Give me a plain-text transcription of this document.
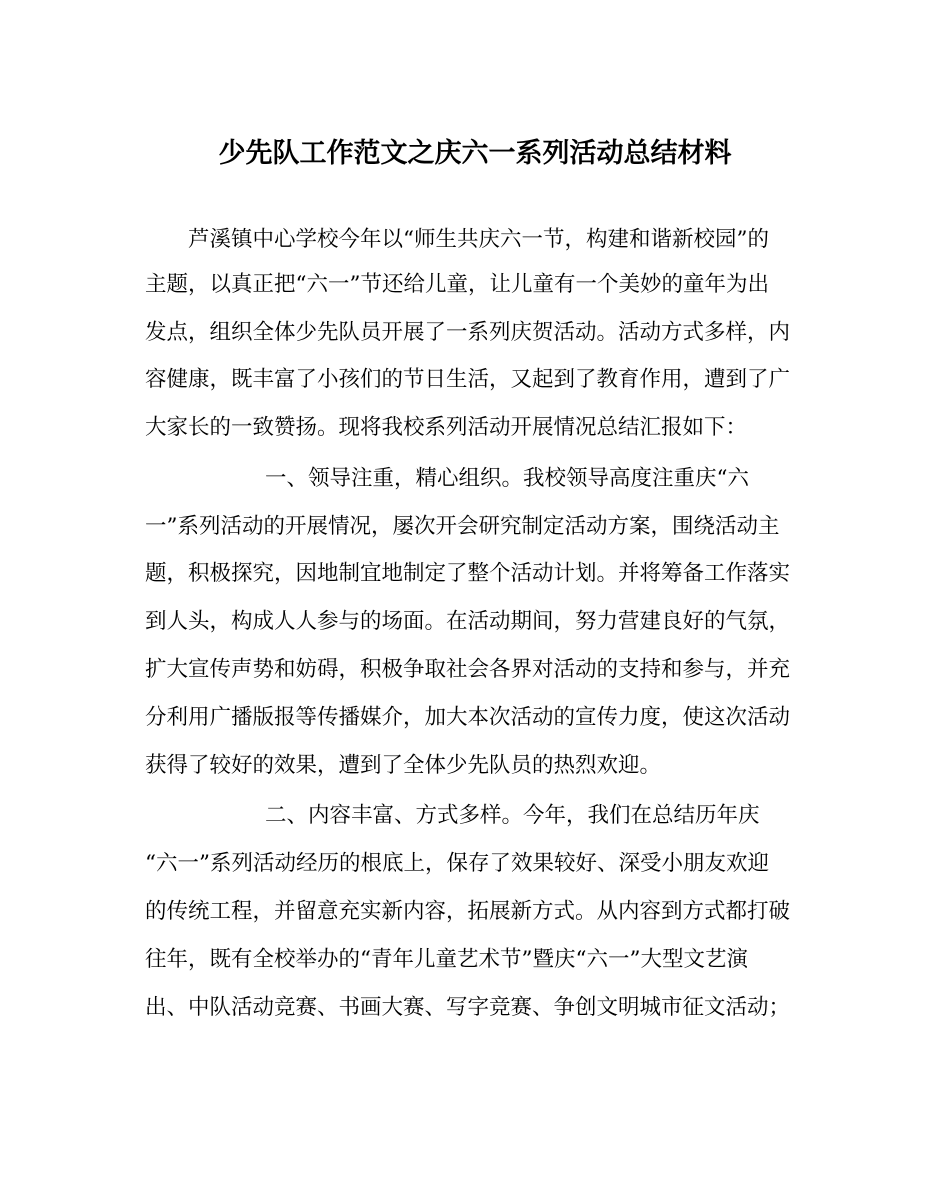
少先队工作范文之庆六一系列活动总结材料
芦溪镇中心学校今年以“师生共庆六一节，构建和谐新校园”的
主题，以真正把“六一”节还给儿童，让儿童有一个美妙的童年为出
发点，组织全体少先队员开展了一系列庆贺活动。活动方式多样，内
容健康，既丰富了小孩们的节日生活，又起到了教育作用，遭到了广
大家长的一致赞扬。现将我校系列活动开展情况总结汇报如下：
一、领导注重，精心组织。我校领导高度注重庆“六
一”系列活动的开展情况，屡次开会研究制定活动方案，围绕活动主
题，积极探究，因地制宜地制定了整个活动计划。并将筹备工作落实
到人头，构成人人参与的场面。在活动期间，努力营建良好的气氛，
扩大宣传声势和妨碍，积极争取社会各界对活动的支持和参与，并充
分利用广播版报等传播媒介，加大本次活动的宣传力度，使这次活动
获得了较好的效果，遭到了全体少先队员的热烈欢迎。
二、内容丰富、方式多样。今年，我们在总结历年庆
“六一”系列活动经历的根底上，保存了效果较好、深受小朋友欢迎
的传统工程，并留意充实新内容，拓展新方式。从内容到方式都打破
往年，既有全校举办的“青年儿童艺术节”暨庆“六一”大型文艺演
出、中队活动竞赛、书画大赛、写字竞赛、争创文明城市征文活动；
